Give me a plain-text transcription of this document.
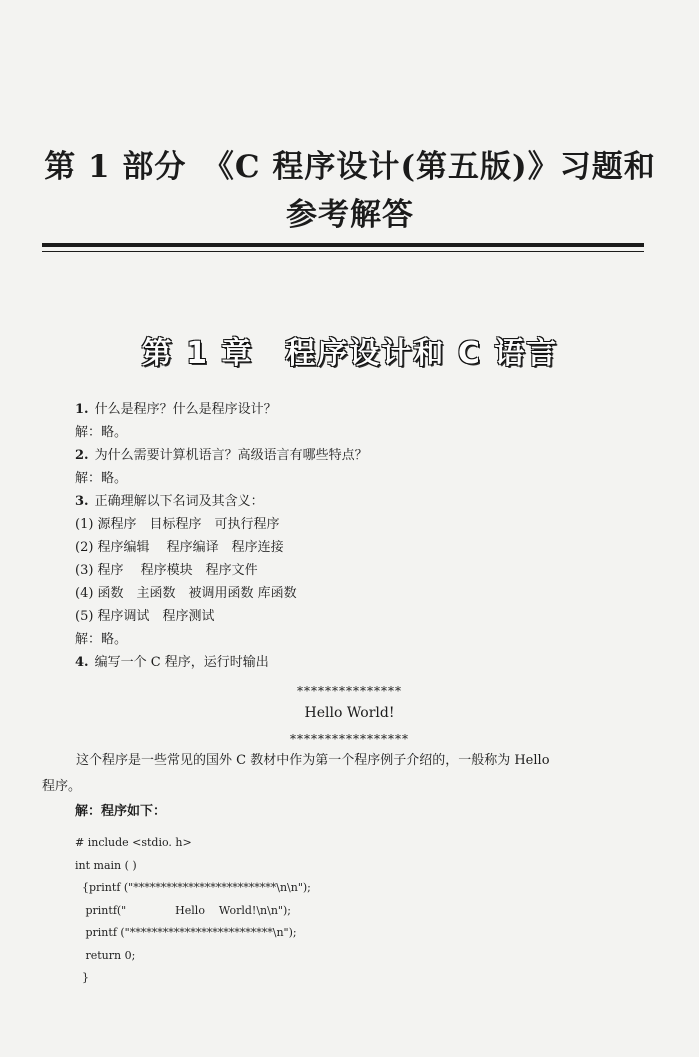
第 1 部分　《C 程序设计(第五版)》习题和
参考解答
第 1 章　程序设计和 C 语言
1. 什么是程序？什么是程序设计？
解：略。
2. 为什么需要计算机语言？高级语言有哪些特点？
解：略。
3. 正确理解以下名词及其含义：
(1) 源程序　目标程序　可执行程序
(2) 程序编辑　 程序编译　程序连接
(3) 程序　 程序模块　程序文件
(4) 函数　主函数　被调用函数 库函数
(5) 程序调试　程序测试
解：略。
4. 编写一个 C 程序，运行时输出
***************
Hello World!
*****************
这个程序是一些常见的国外 C 教材中作为第一个程序例子介绍的，一般称为 Hello
程序。
解：程序如下：
# include <stdio. h>
int main ( )
{printf ("**************************\n\n");
printf("              Hello    World!\n\n");
printf ("**************************\n");
return 0;
}
